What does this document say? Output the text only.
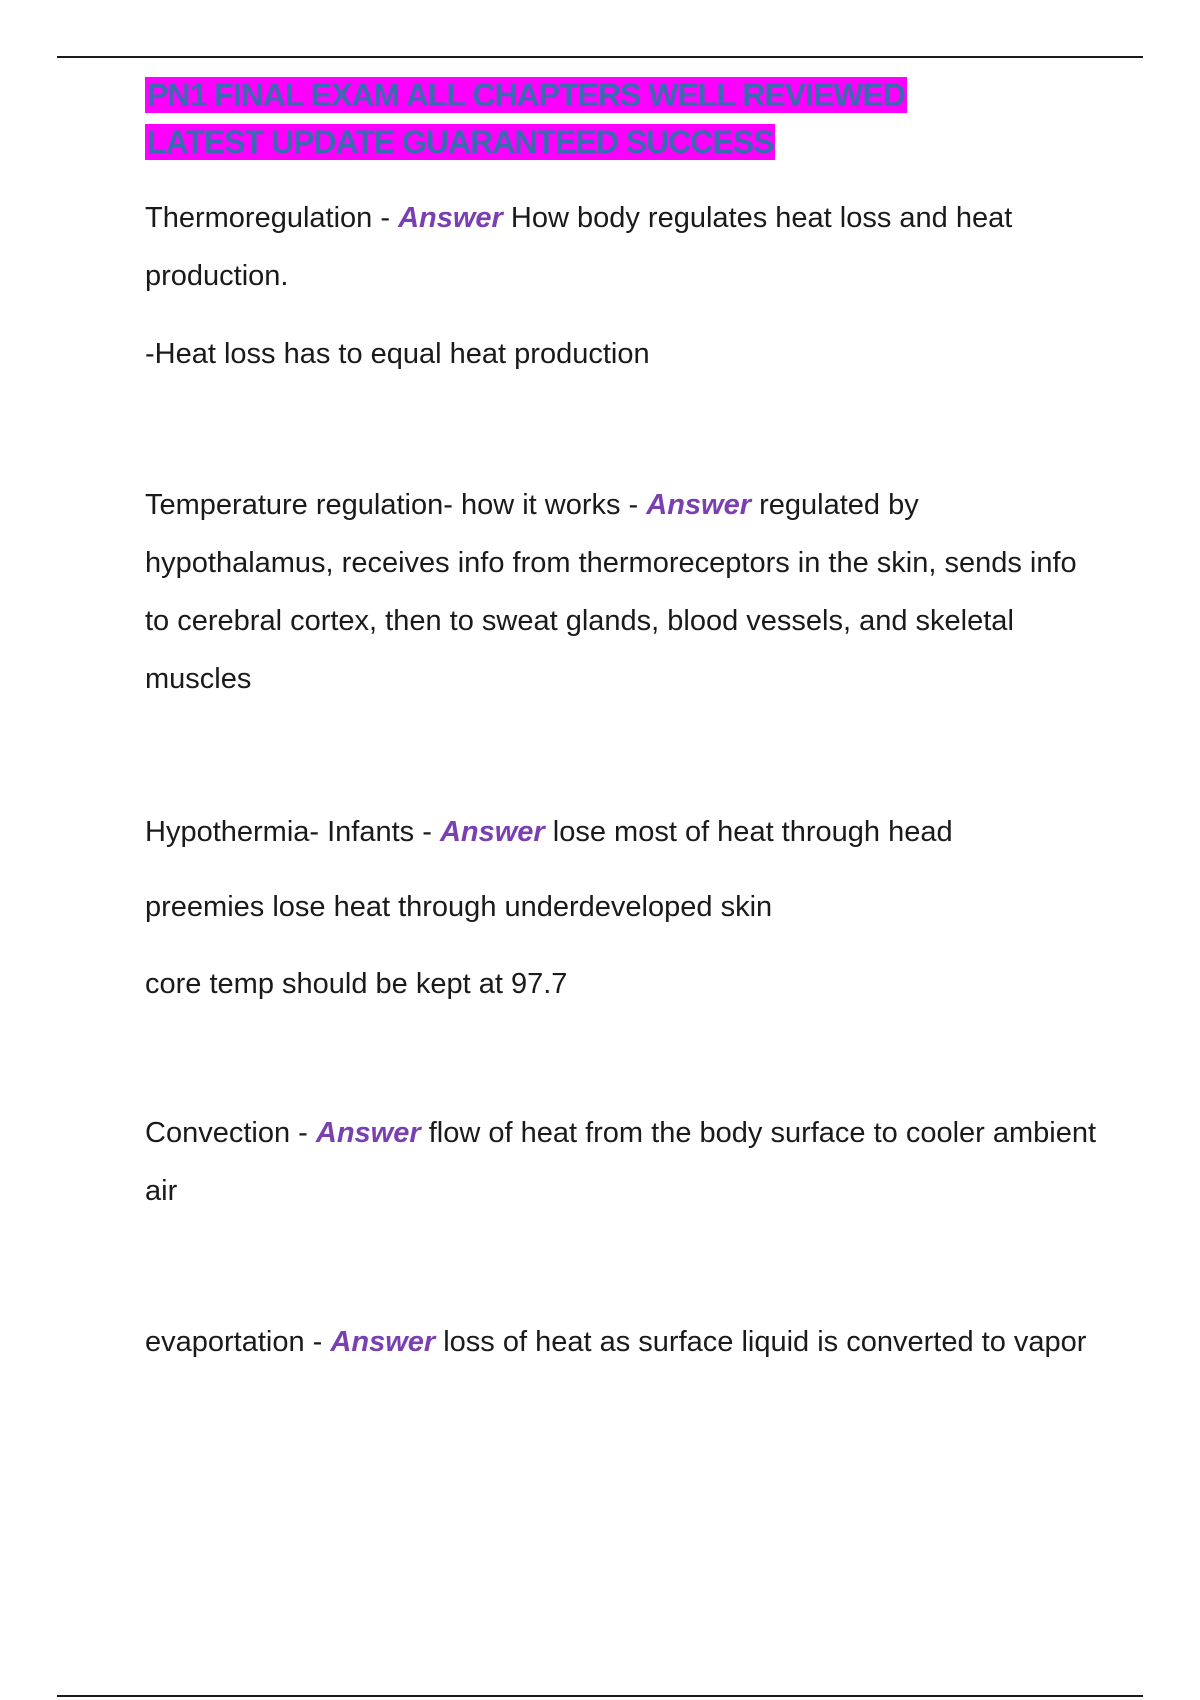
PN1 FINAL EXAM ALL CHAPTERS WELL REVIEWED
LATEST UPDATE GUARANTEED SUCCESS

Thermoregulation - Answer How body regulates heat loss and heat production.

-Heat loss has to equal heat production

Temperature regulation- how it works - Answer regulated by hypothalamus, receives info from thermoreceptors in the skin, sends info to cerebral cortex, then to sweat glands, blood vessels, and skeletal muscles

Hypothermia- Infants - Answer lose most of heat through head

preemies lose heat through underdeveloped skin

core temp should be kept at 97.7

Convection - Answer flow of heat from the body surface to cooler ambient air

evaportation - Answer loss of heat as surface liquid is converted to vapor
